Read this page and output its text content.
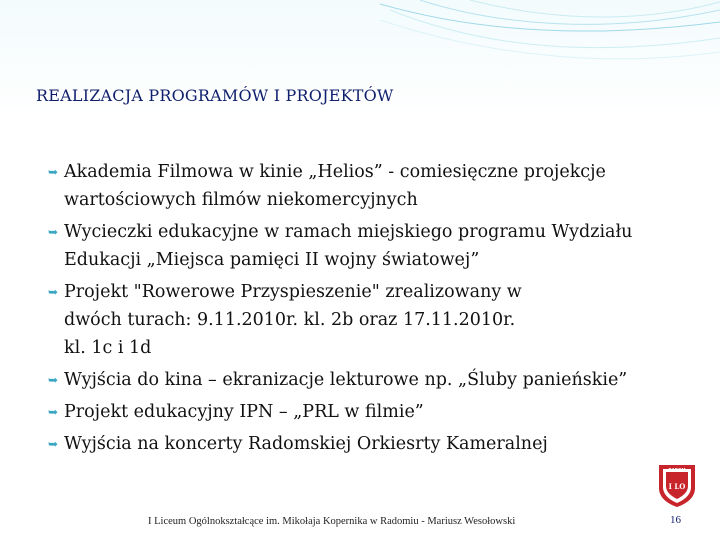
REALIZACJA PROGRAMÓW I PROJEKTÓW
➥ Akademia Filmowa w kinie „Helios” - comiesięczne projekcje wartościowych filmów niekomercyjnych
➥ Wycieczki edukacyjne w ramach miejskiego programu Wydziału Edukacji „Miejsca pamięci II wojny światowej”
➥ Projekt "Rowerowe Przyspieszenie" zrealizowany w dwóch turach: 9.11.2010r. kl. 2b oraz 17.11.2010r. kl. 1c i 1d
➥ Wyjścia do kina – ekranizacje lekturowe np. „Śluby panieńskie”
➥ Projekt edukacyjny IPN – „PRL w filmie”
➥ Wyjścia na koncerty Radomskiej Orkiesrty Kameralnej
RADOM
I LO
I Liceum Ogólnokształcące im. Mikołaja Kopernika w Radomiu - Mariusz Wesołowski	16
